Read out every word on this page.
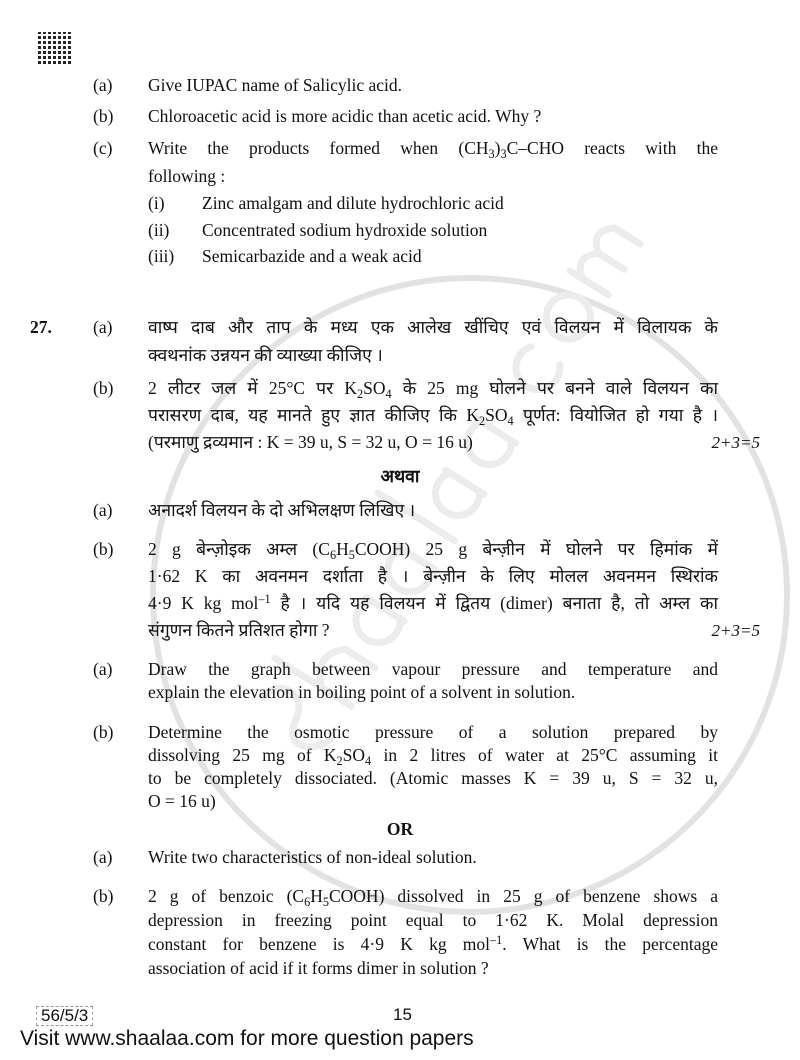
(a)	Give IUPAC name of Salicylic acid.
(b)	Chloroacetic acid is more acidic than acetic acid. Why ?
(c)	Write the products formed when $(CH_3)_3C$–CHO reacts with the
following :
(i)	Zinc amalgam and dilute hydrochloric acid
(ii)	Concentrated sodium hydroxide solution
(iii)	Semicarbazide and a weak acid
27.	(a)	वाष्प दाब और ताप के मध्य एक आलेख खींचिए एवं विलयन में विलायक के
क्वथनांक उन्नयन की व्याख्या कीजिए ।
(b)	2 लीटर जल में 25°C पर $K_2SO_4$ के 25 mg घोलने पर बनने वाले विलयन का
परासरण दाब, यह मानते हुए ज्ञात कीजिए कि $K_2SO_4$ पूर्णत: वियोजित हो गया है ।
(परमाणु द्रव्यमान : K = 39 u, S = 32 u, O = 16 u)	2+3=5
अथवा
(a)	अनादर्श विलयन के दो अभिलक्षण लिखिए ।
(b)	2 g बेन्ज़ोइक अम्ल $(C_6H_5COOH)$ 25 g बेन्ज़ीन में घोलने पर हिमांक में
1·62 K का अवनमन दर्शाता है । बेन्ज़ीन के लिए मोलल अवनमन स्थिरांक
4·9 K kg mol$^{-1}$ है । यदि यह विलयन में द्वितय (dimer) बनाता है, तो अम्ल का
संगुणन कितने प्रतिशत होगा ?	2+3=5
(a)	Draw the graph between vapour pressure and temperature and
explain the elevation in boiling point of a solvent in solution.
(b)	Determine the osmotic pressure of a solution prepared by
dissolving 25 mg of $K_2SO_4$ in 2 litres of water at 25°C assuming it
to be completely dissociated. (Atomic masses K = 39 u, S = 32 u,
O = 16 u)
OR
(a)	Write two characteristics of non-ideal solution.
(b)	2 g of benzoic $(C_6H_5COOH)$ dissolved in 25 g of benzene shows a
depression in freezing point equal to 1·62 K. Molal depression
constant for benzene is 4·9 K kg mol$^{-1}$. What is the percentage
association of acid if it forms dimer in solution ?
56/5/3	15
Visit www.shaalaa.com for more question papers
